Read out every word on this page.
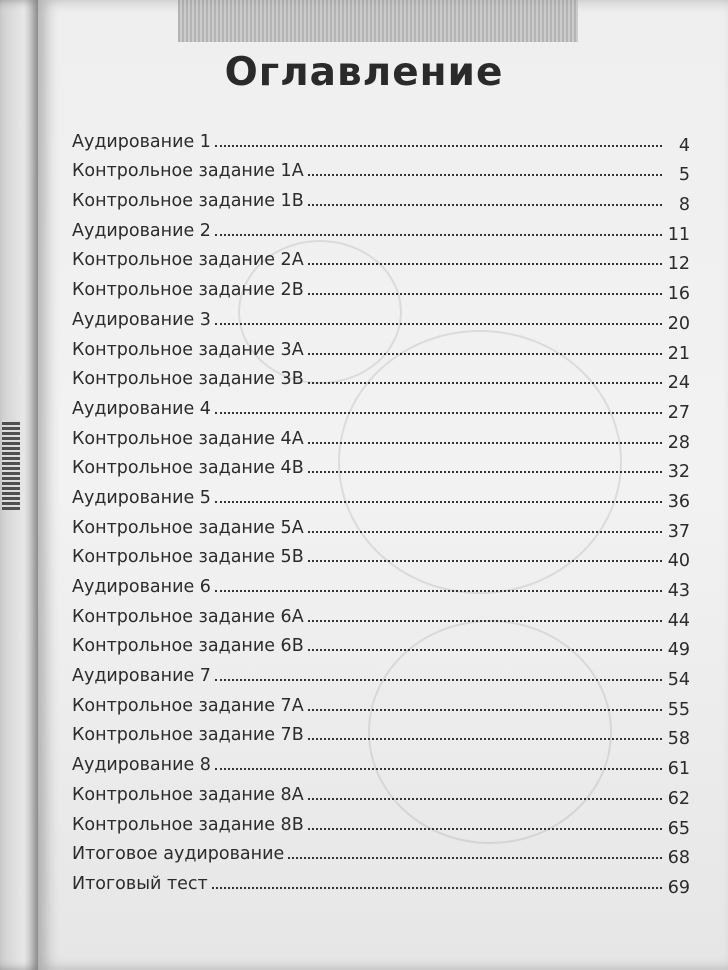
Оглавление
Аудирование 1	4
Контрольное задание 1A	5
Контрольное задание 1B	8
Аудирование 2	11
Контрольное задание 2A	12
Контрольное задание 2B	16
Аудирование 3	20
Контрольное задание 3A	21
Контрольное задание 3B	24
Аудирование 4	27
Контрольное задание 4A	28
Контрольное задание 4B	32
Аудирование 5	36
Контрольное задание 5A	37
Контрольное задание 5B	40
Аудирование 6	43
Контрольное задание 6A	44
Контрольное задание 6B	49
Аудирование 7	54
Контрольное задание 7A	55
Контрольное задание 7B	58
Аудирование 8	61
Контрольное задание 8A	62
Контрольное задание 8B	65
Итоговое аудирование	68
Итоговый тест	69
